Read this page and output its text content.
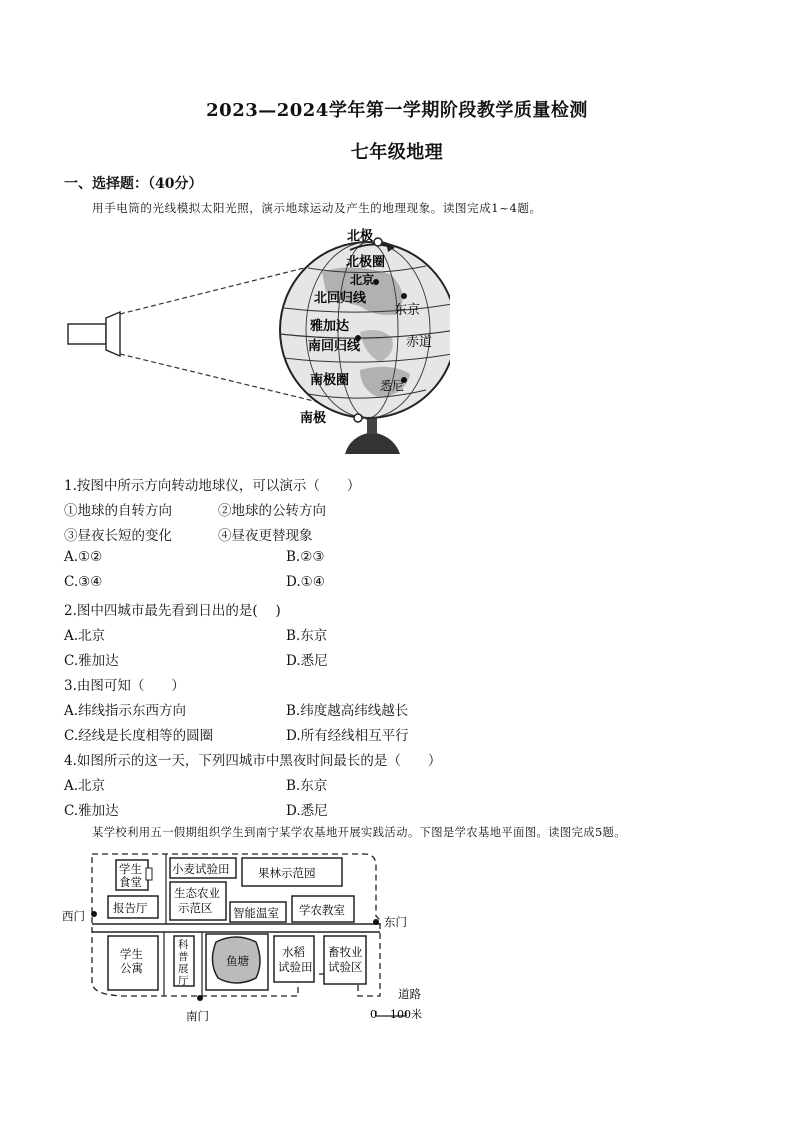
2023—2024学年第一学期阶段教学质量检测
七年级地理
一、选择题：（40分）
用手电筒的光线模拟太阳光照，演示地球运动及产生的地理现象。读图完成1~4题。
北极
北极圈
北京
北回归线
东京
雅加达
赤道
南回归线
南极圈	悉尼
南极
1.按图中所示方向转动地球仪，可以演示（　　）
①地球的自转方向	②地球的公转方向
③昼夜长短的变化	④昼夜更替现象
A.①②	B.②③
C.③④	D.①④
2.图中四城市最先看到日出的是(　 )
A.北京	B.东京
C.雅加达	D.悉尼
3.由图可知（　　）
A.纬线指示东西方向	B.纬度越高纬线越长
C.经线是长度相等的圆圈	D.所有经线相互平行
4.如图所示的这一天，下列四城市中黑夜时间最长的是（　　）
A.北京	B.东京
C.雅加达	D.悉尼
某学校利用五一假期组织学生到南宁某学农基地开展实践活动。下图是学农基地平面图。读图完成5题。
学生
食堂
小麦试验田 果林示范园
生态农业
示范区
报告厅	智能温室 学农教室
西门	东门
学生
公寓
科
普
展
厅
鱼塘
水稻
试验田
畜牧业
试验区
南门
道路
0 100米
